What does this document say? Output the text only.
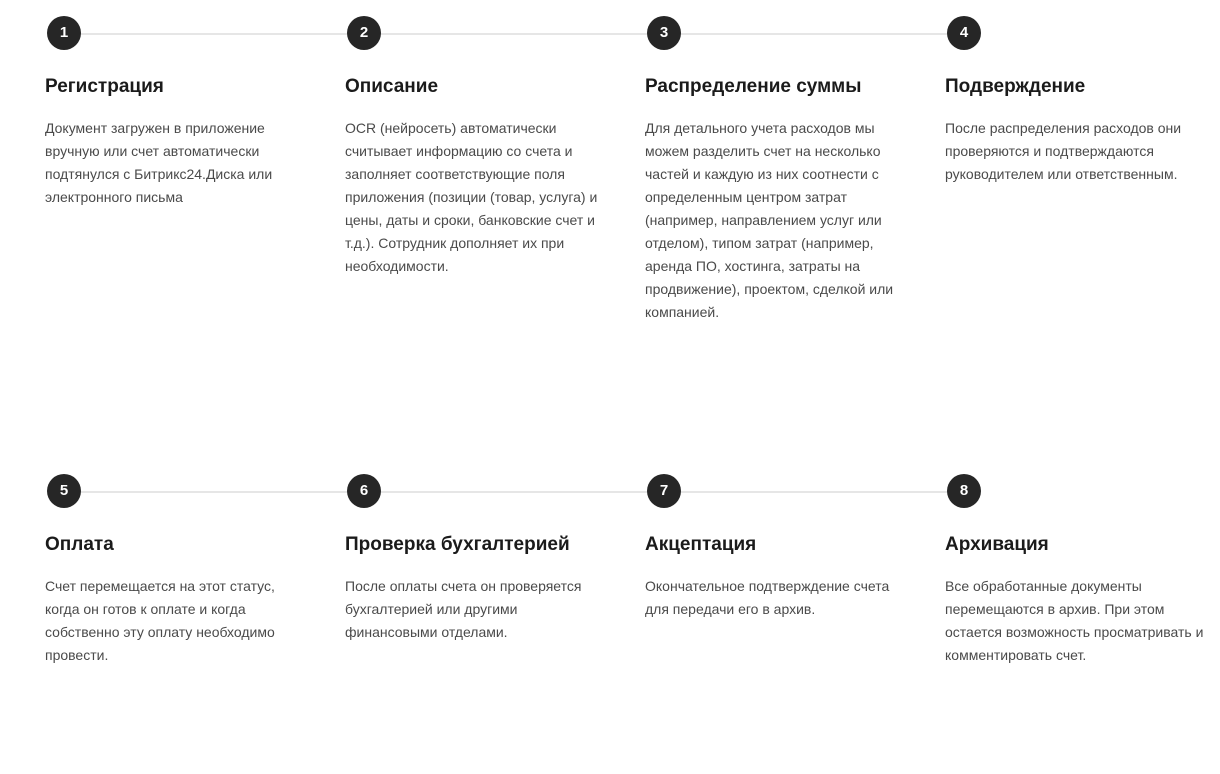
1
Регистрация

Документ загружен в приложение вручную или счет автоматически подтянулся с Битрикс24.Диска или электронного письма

2
Описание

OCR (нейросеть) автоматически считывает информацию со счета и заполняет соответствующие поля приложения (позиции (товар, услуга) и цены, даты и сроки, банковские счет и т.д.). Сотрудник дополняет их при необходимости.

3
Распределение суммы

Для детального учета расходов мы можем разделить счет на несколько частей и каждую из них соотнести с определенным центром затрат (например, направлением услуг или отделом), типом затрат (например, аренда ПО, хостинга, затраты на продвижение), проектом, сделкой или компанией.

4
Подверждение

После распределения расходов они проверяются и подтверждаются руководителем или ответственным.

5
Оплата

Счет перемещается на этот статус, когда он готов к оплате и когда собственно эту оплату необходимо провести.

6
Проверка бухгалтерией

После оплаты счета он проверяется бухгалтерией или другими финансовыми отделами.

7
Акцептация

Окончательное подтверждение счета для передачи его в архив.

8
Архивация

Все обработанные документы перемещаются в архив. При этом остается возможность просматривать и комментировать счет.
